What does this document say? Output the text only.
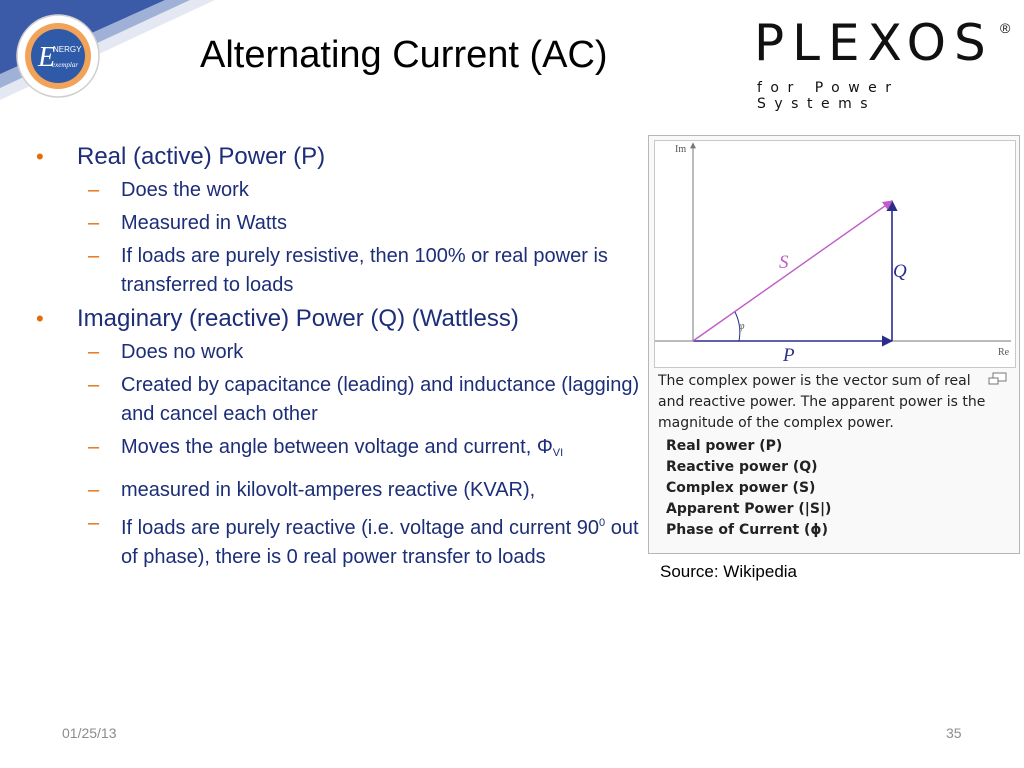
E
NERGY
exemplar	Alternating Current (AC)	PLEXOS ®
for Power Systems
• Real (active) Power (P)
– Does the work
– Measured in Watts
– If loads are purely resistive, then 100% or real power is transferred to loads
• Imaginary (reactive) Power (Q) (Wattless)
– Does no work
– Created by capacitance (leading) and inductance (lagging) and cancel each other
– Moves the angle between voltage and current, $\Phi_{VI}$
– measured in kilovolt-amperes reactive (KVAR),
– If loads are purely reactive (i.e. voltage and current $90^0$ out of phase), there is 0 real power transfer to loads
Im
Re
φ
S	Q
P
The complex power is the vector sum of real and reactive power. The apparent power is the magnitude of the complex power.
Real power (P)
Reactive power (Q)
Complex power (S)
Apparent Power (|S|)
Phase of Current (ɸ)
Source: Wikipedia
01/25/13	35
